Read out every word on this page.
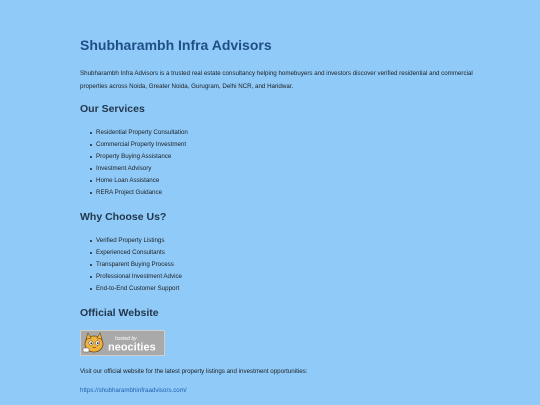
Shubharambh Infra Advisors

Shubharambh Infra Advisors is a trusted real estate consultancy helping homebuyers and investors discover verified residential and commercial properties across Noida, Greater Noida, Gurugram, Delhi NCR, and Haridwar.

Our Services
Residential Property Consultation
Commercial Property Investment
Property Buying Assistance
Investment Advisory
Home Loan Assistance
RERA Project Guidance
Why Choose Us?
Verified Property Listings
Experienced Consultants
Transparent Buying Process
Professional Investment Advice
End-to-End Customer Support
Official Website
hosted by
neocities

Visit our official website for the latest property listings and investment opportunities:

https://shubharambhinfraadvisors.com/
